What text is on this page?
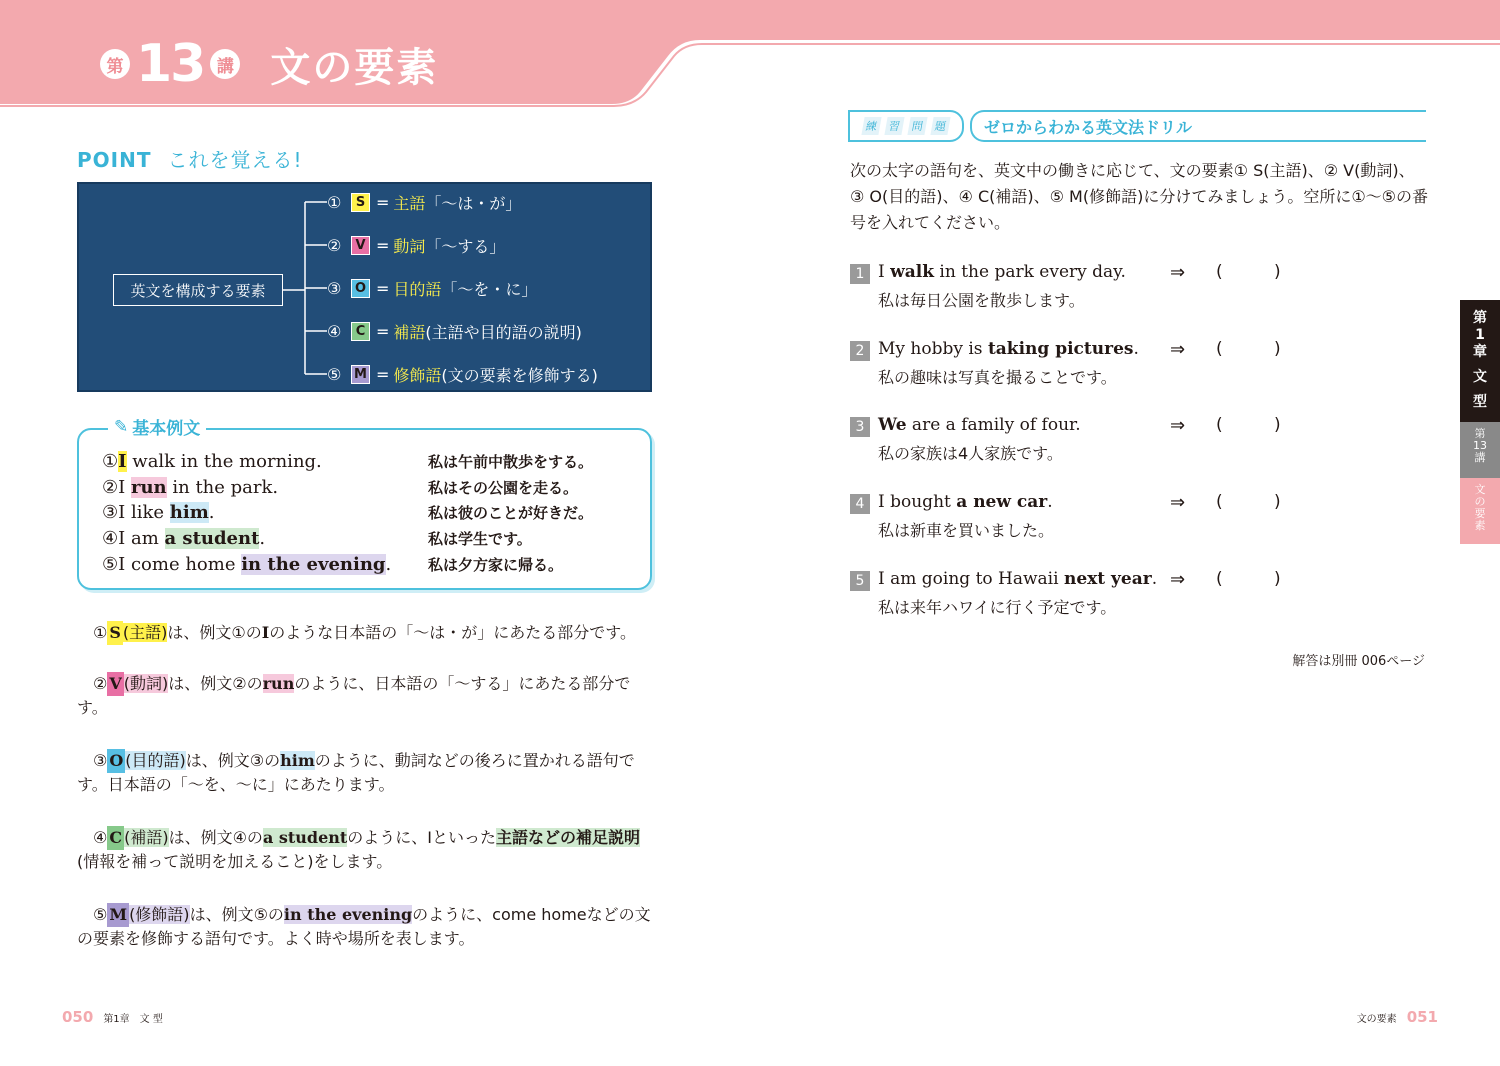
第 13 講 文の要素
POINT これを覚える!
英文を構成する要素
①	S = 主語 「～は・が」
②	V = 動詞 「～する」
③	O = 目的語 「～を・に」
④	C = 補語 (主語や目的語の説明)
⑤ M = 修飾語 (文の要素を修飾する)
✎ 基本例文
①I walk in the morning.	私は午前中散歩をする。
②I run in the park.	私はその公園を走る。
③I like him.	私は彼のことが好きだ。
④I am a student.	私は学生です。
⑤I come home in the evening.	私は夕方家に帰る。
① S (主語)は、例文①のIのような日本語の「～は・が」にあたる部分です。
② V (動詞)は、例文②のrunのように、日本語の「～する」にあたる部分です。
③ O (目的語)は、例文③のhimのように、動詞などの後ろに置かれる語句です。日本語の「～を、～に」にあたります。
④ C (補語)は、例文④のa studentのように、Iといった主語などの補足説明(情報を補って説明を加えること)をします。
⑤ M (修飾語)は、例文⑤のin the eveningのように、come homeなどの文の要素を修飾する語句です。よく時や場所を表します。
練 習 問 題	ゼロからわかる英文法ドリル
次の太字の語句を、英文中の働きに応じて、文の要素① S(主語)、② V(動詞)、③ O(目的語)、④ C(補語)、⑤ M(修飾語)に分けてみましょう。空所に①～⑤の番号を入れてください。
1 I walk in the park every day.
私は毎日公園を散歩します。
⇒ (	)
2 My hobby is taking pictures.
私の趣味は写真を撮ることです。
⇒ (	)
3 We are a family of four.
私の家族は4人家族です。
⇒ (	)
4 I bought a new car.
私は新車を買いました。
⇒ (	)
5 I am going to Hawaii next year.
私は来年ハワイに行く予定です。
⇒ (	)
解答は別冊 006ページ
第
1
章
文
型
第
13
講
文
の
要
素
050 第1章　文 型	文の要素 051
